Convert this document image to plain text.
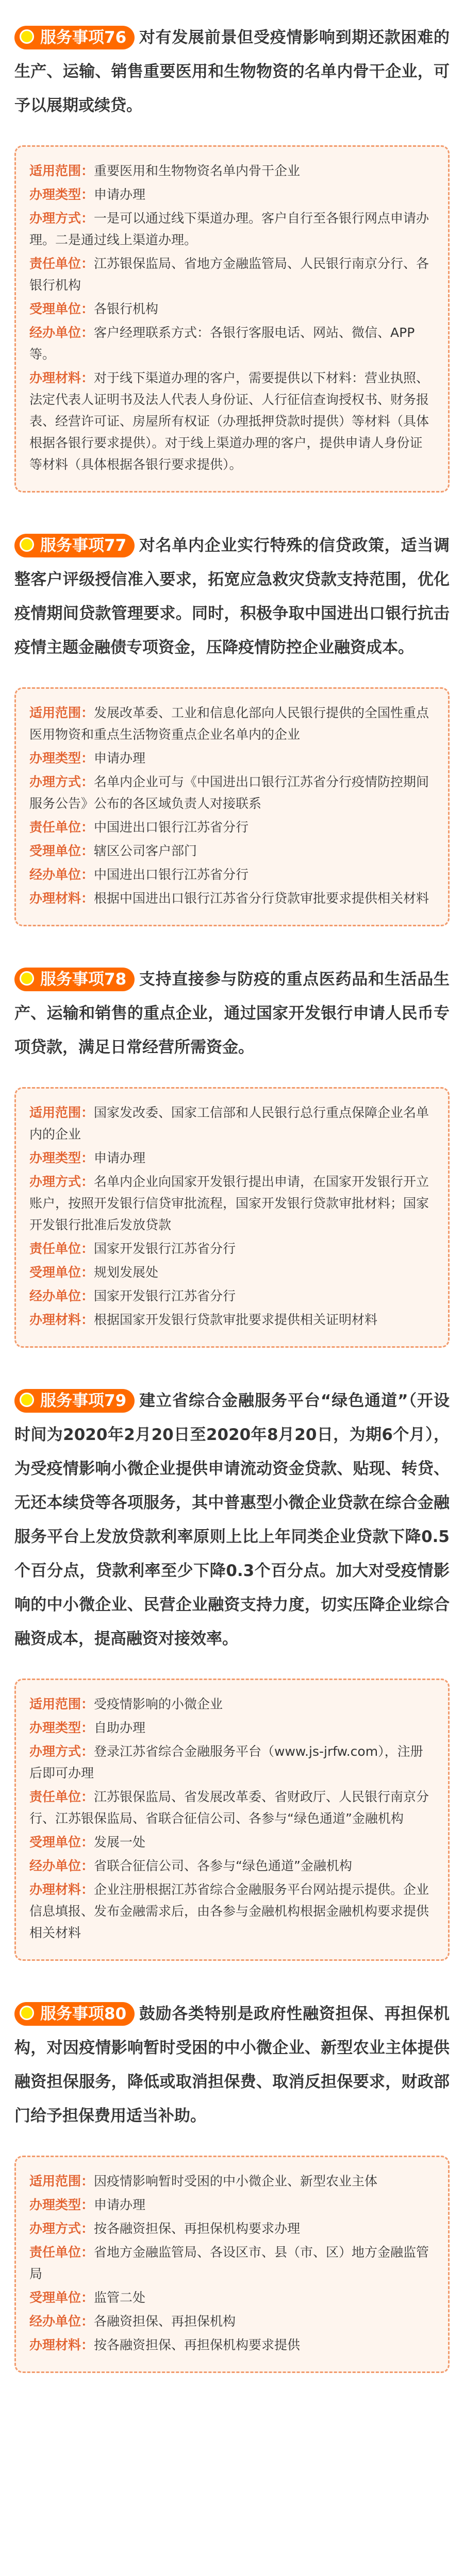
服务事项76 对有发展前景但受疫情影响到期还款困难的生产、运输、销售重要医用和生物物资的名单内骨干企业，可予以展期或续贷。
适用范围：重要医用和生物物资名单内骨干企业
办理类型：申请办理
办理方式：一是可以通过线下渠道办理。客户自行至各银行网点申请办理。二是通过线上渠道办理。
责任单位：江苏银保监局、省地方金融监管局、人民银行南京分行、各银行机构
受理单位：各银行机构
经办单位：客户经理联系方式：各银行客服电话、网站、微信、APP等。
办理材料：对于线下渠道办理的客户，需要提供以下材料：营业执照、法定代表人证明书及法人代表人身份证、人行征信查询授权书、财务报表、经营许可证、房屋所有权证（办理抵押贷款时提供）等材料（具体根据各银行要求提供）。对于线上渠道办理的客户，提供申请人身份证等材料（具体根据各银行要求提供）。
服务事项77 对名单内企业实行特殊的信贷政策，适当调整客户评级授信准入要求，拓宽应急救灾贷款支持范围，优化疫情期间贷款管理要求。同时，积极争取中国进出口银行抗击疫情主题金融债专项资金，压降疫情防控企业融资成本。
适用范围：发展改革委、工业和信息化部向人民银行提供的全国性重点医用物资和重点生活物资重点企业名单内的企业
办理类型：申请办理
办理方式：名单内企业可与《中国进出口银行江苏省分行疫情防控期间服务公告》公布的各区域负责人对接联系
责任单位：中国进出口银行江苏省分行
受理单位：辖区公司客户部门
经办单位：中国进出口银行江苏省分行
办理材料：根据中国进出口银行江苏省分行贷款审批要求提供相关材料
服务事项78 支持直接参与防疫的重点医药品和生活品生产、运输和销售的重点企业，通过国家开发银行申请人民币专项贷款，满足日常经营所需资金。
适用范围：国家发改委、国家工信部和人民银行总行重点保障企业名单内的企业
办理类型：申请办理
办理方式：名单内企业向国家开发银行提出申请，在国家开发银行开立账户，按照开发银行信贷审批流程，国家开发银行贷款审批材料；国家开发银行批准后发放贷款
责任单位：国家开发银行江苏省分行
受理单位：规划发展处
经办单位：国家开发银行江苏省分行
办理材料：根据国家开发银行贷款审批要求提供相关证明材料
服务事项79 建立省综合金融服务平台“绿色通道”（开设时间为2020年2月20日至2020年8月20日，为期6个月），为受疫情影响小微企业提供申请流动资金贷款、贴现、转贷、无还本续贷等各项服务，其中普惠型小微企业贷款在综合金融服务平台上发放贷款利率原则上比上年同类企业贷款下降0.5个百分点，贷款利率至少下降0.3个百分点。加大对受疫情影响的中小微企业、民营企业融资支持力度，切实压降企业综合融资成本，提高融资对接效率。
适用范围：受疫情影响的小微企业
办理类型：自助办理
办理方式：登录江苏省综合金融服务平台（www.js-jrfw.com），注册后即可办理
责任单位：江苏银保监局、省发展改革委、省财政厅、人民银行南京分行、江苏银保监局、省联合征信公司、各参与“绿色通道”金融机构
受理单位：发展一处
经办单位：省联合征信公司、各参与“绿色通道”金融机构
办理材料：企业注册根据江苏省综合金融服务平台网站提示提供。企业信息填报、发布金融需求后，由各参与金融机构根据金融机构要求提供相关材料
服务事项80 鼓励各类特别是政府性融资担保、再担保机构，对因疫情影响暂时受困的中小微企业、新型农业主体提供融资担保服务，降低或取消担保费、取消反担保要求，财政部门给予担保费用适当补助。
适用范围：因疫情影响暂时受困的中小微企业、新型农业主体
办理类型：申请办理
办理方式：按各融资担保、再担保机构要求办理
责任单位：省地方金融监管局、各设区市、县（市、区）地方金融监管局
受理单位：监管二处
经办单位：各融资担保、再担保机构
办理材料：按各融资担保、再担保机构要求提供
